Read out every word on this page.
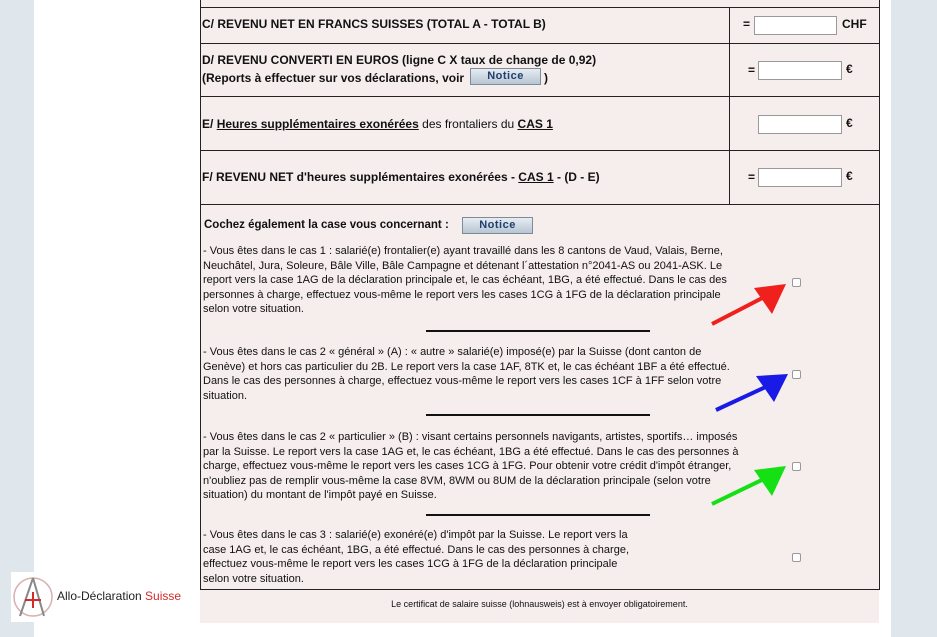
C/ REVENU NET EN FRANCS SUISSES (TOTAL A - TOTAL B)	=	CHF
D/ REVENU CONVERTI EN EUROS (ligne C X taux de change de 0,92)
(Reports à effectuer sur vos déclarations, voir	Notice	)
=	€
E/ Heures supplémentaires exonérées des frontaliers du CAS 1	€
F/ REVENU NET d'heures supplémentaires exonérées - CAS 1 - (D - E)	=	€
Cochez également la case vous concernant :	Notice
- Vous êtes dans le cas 1 : salarié(e) frontalier(e) ayant travaillé dans les 8 cantons de Vaud, Valais, Berne, Neuchâtel, Jura, Soleure, Bâle Ville, Bâle Campagne et détenant l´attestation n°2041-AS ou 2041-ASK. Le report vers la case 1AG de la déclaration principale et, le cas échéant, 1BG, a été effectué. Dans le cas des personnes à charge, effectuez vous-même le report vers les cases 1CG à 1FG de la déclaration principale selon votre situation.
- Vous êtes dans le cas 2 « général » (A) : « autre » salarié(e) imposé(e) par la Suisse (dont canton de Genève) et hors cas particulier du 2B. Le report vers la case 1AF, 8TK et, le cas échéant 1BF a été effectué. Dans le cas des personnes à charge, effectuez vous-même le report vers les cases 1CF à 1FF selon votre situation.
- Vous êtes dans le cas 2 « particulier » (B) : visant certains personnels navigants, artistes, sportifs… imposés par la Suisse. Le report vers la case 1AG et, le cas échéant, 1BG a été effectué. Dans le cas des personnes à charge, effectuez vous-même le report vers les cases 1CG à 1FG. Pour obtenir votre crédit d'impôt étranger, n'oubliez pas de remplir vous-même la case 8VM, 8WM ou 8UM de la déclaration principale (selon votre situation) du montant de l'impôt payé en Suisse.
- Vous êtes dans le cas 3 : salarié(e) exonéré(e) d'impôt par la Suisse. Le report vers la case 1AG et, le cas échéant, 1BG, a été effectué. Dans le cas des personnes à charge, effectuez vous-même le report vers les cases 1CG à 1FG de la déclaration principale selon votre situation.
Le certificat de salaire suisse (lohnausweis) est à envoyer obligatoirement.
Allo-Déclaration Suisse
